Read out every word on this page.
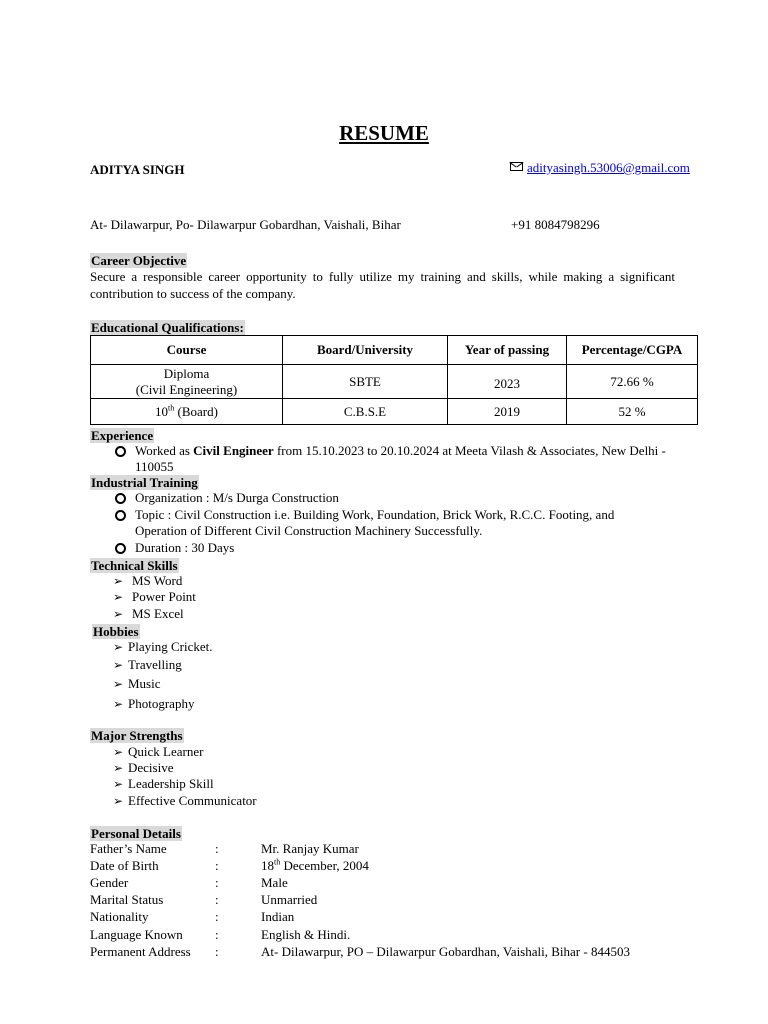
RESUME
ADITYA SINGH	adityasingh.53006@gmail.com
At- Dilawarpur, Po- Dilawarpur Gobardhan, Vaishali, Bihar	+91 8084798296
Career Objective
Secure a responsible career opportunity to fully utilize my training and skills, while making a significant contribution to success of the company.
Educational Qualifications:
Course	Board/University	Year of passing	Percentage/CGPA

Diploma
(Civil Engineering)	SBTE	2023	72.66 %
10th (Board)	C.B.S.E	2019	52 %
Experience
Worked as Civil Engineer from 15.10.2023 to 20.10.2024 at Meeta Vilash & Associates, New Delhi -
110055
Industrial Training
Organization : M/s Durga Construction
Topic : Civil Construction i.e. Building Work, Foundation, Brick Work, R.C.C. Footing, and
Operation of Different Civil Construction Machinery Successfully.
Duration : 30 Days
Technical Skills
➢ MS Word
➢ Power Point
➢ MS Excel
Hobbies
➢ Playing Cricket.
➢ Travelling
➢ Music
➢ Photography
Major Strengths
➢ Quick Learner
➢ Decisive
➢ Leadership Skill
➢ Effective Communicator
Personal Details
Father’s Name	:	Mr. Ranjay Kumar
Date of Birth	:	18th December, 2004
Gender	:	Male
Marital Status	:	Unmarried
Nationality	:	Indian
Language Known :	English & Hindi.
Permanent Address :	At- Dilawarpur, PO – Dilawarpur Gobardhan, Vaishali, Bihar - 844503
